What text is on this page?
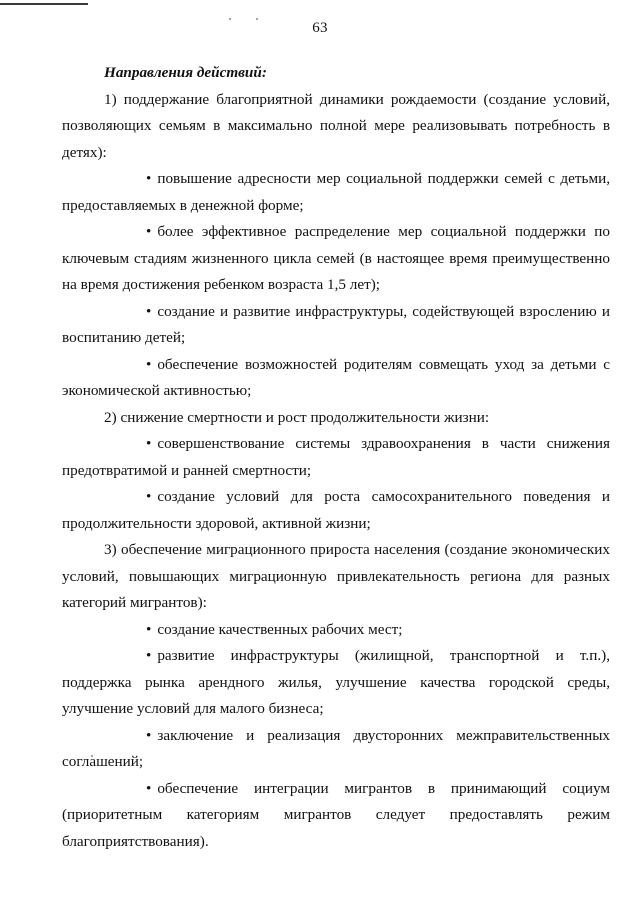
63

Направления действий:

1) поддержание благоприятной динамики рождаемости (создание условий, позволяющих семьям в максимально полной мере реализовывать потребность в детях):

• повышение адресности мер социальной поддержки семей с детьми, предоставляемых в денежной форме;

• более эффективное распределение мер социальной поддержки по ключевым стадиям жизненного цикла семей (в настоящее время преимущественно на время достижения ребенком возраста 1,5 лет);

• создание и развитие инфраструктуры, содействующей взрослению и воспитанию детей;

• обеспечение возможностей родителям совмещать уход за детьми с экономической активностью;

2) снижение смертности и рост продолжительности жизни:

• совершенствование системы здравоохранения в части снижения предотвратимой и ранней смертности;

• создание условий для роста самосохранительного поведения и продолжительности здоровой, активной жизни;

3) обеспечение миграционного прироста населения (создание экономических условий, повышающих миграционную привлекательность региона для разных категорий мигрантов):

• создание качественных рабочих мест;

• развитие инфраструктуры (жилищной, транспортной и т.п.), поддержка рынка арендного жилья, улучшение качества городской среды, улучшение условий для малого бизнеса;

• заключение и реализация двусторонних межправительственных соглашений;

• обеспечение интеграции мигрантов в принимающий социум (приоритетным категориям мигрантов следует предоставлять режим благоприятствования).
